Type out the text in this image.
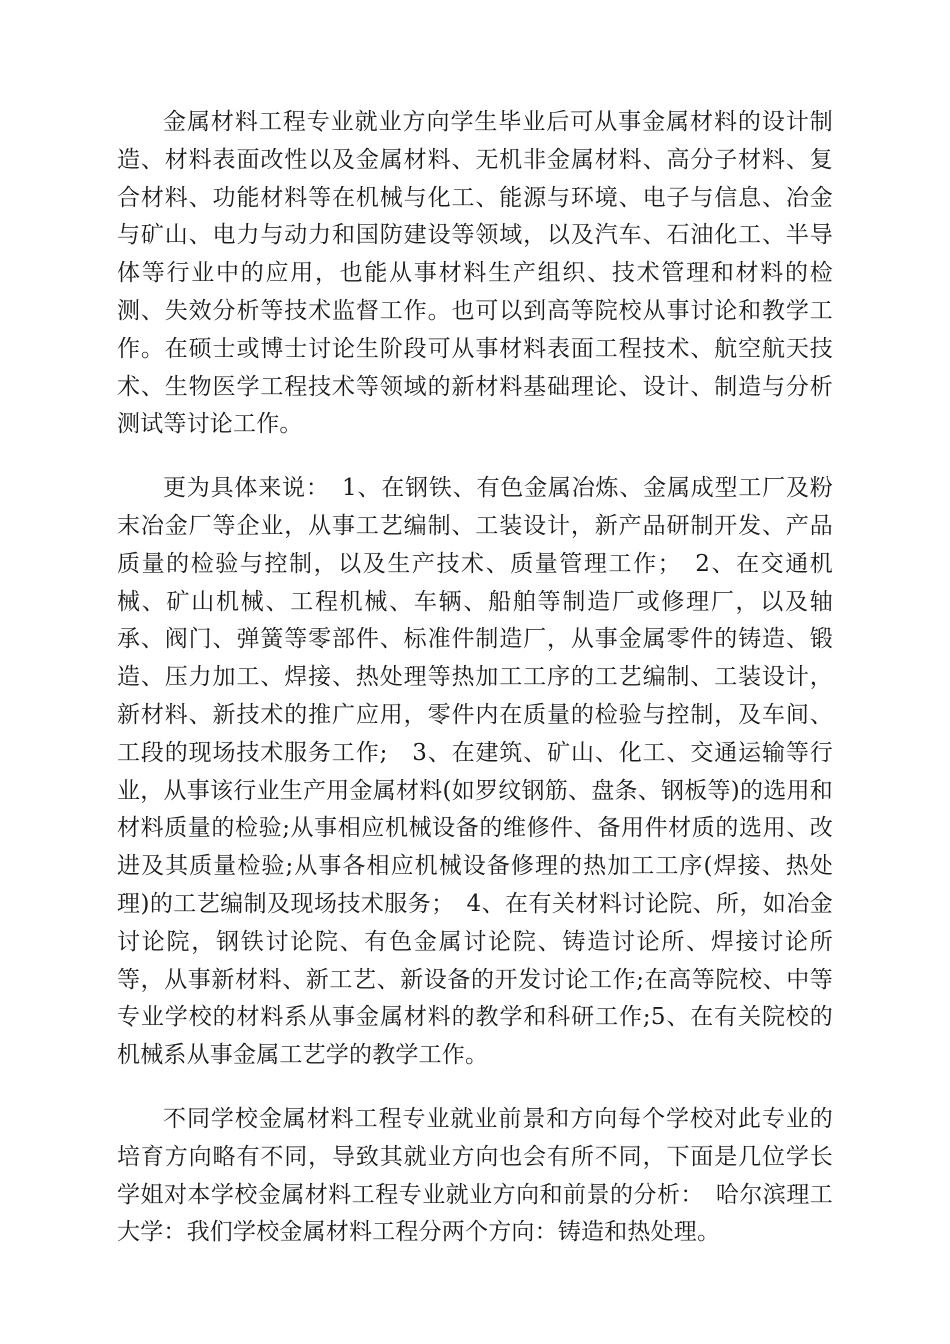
金属材料工程专业就业方向学生毕业后可从事金属材料的设计制造、材料表面改性以及金属材料、无机非金属材料、高分子材料、复合材料、功能材料等在机械与化工、能源与环境、电子与信息、冶金与矿山、电力与动力和国防建设等领域，以及汽车、石油化工、半导体等行业中的应用，也能从事材料生产组织、技术管理和材料的检测、失效分析等技术监督工作。也可以到高等院校从事讨论和教学工作。在硕士或博士讨论生阶段可从事材料表面工程技术、航空航天技术、生物医学工程技术等领域的新材料基础理论、设计、制造与分析测试等讨论工作。

更为具体来说：　1、在钢铁、有色金属冶炼、金属成型工厂及粉末冶金厂等企业，从事工艺编制、工装设计，新产品研制开发、产品质量的检验与控制，以及生产技术、质量管理工作；　2、在交通机械、矿山机械、工程机械、车辆、船舶等制造厂或修理厂，以及轴承、阀门、弹簧等零部件、标准件制造厂，从事金属零件的铸造、锻造、压力加工、焊接、热处理等热加工工序的工艺编制、工装设计，新材料、新技术的推广应用，零件内在质量的检验与控制，及车间、工段的现场技术服务工作;　3、在建筑、矿山、化工、交通运输等行业，从事该行业生产用金属材料(如罗纹钢筋、盘条、钢板等)的选用和材料质量的检验;从事相应机械设备的维修件、备用件材质的选用、改进及其质量检验;从事各相应机械设备修理的热加工工序(焊接、热处理)的工艺编制及现场技术服务；　4、在有关材料讨论院、所，如冶金讨论院，钢铁讨论院、有色金属讨论院、铸造讨论所、焊接讨论所等，从事新材料、新工艺、新设备的开发讨论工作;在高等院校、中等专业学校的材料系从事金属材料的教学和科研工作;5、在有关院校的机械系从事金属工艺学的教学工作。

不同学校金属材料工程专业就业前景和方向每个学校对此专业的培育方向略有不同，导致其就业方向也会有所不同，下面是几位学长学姐对本学校金属材料工程专业就业方向和前景的分析：　哈尔滨理工大学：我们学校金属材料工程分两个方向：铸造和热处理。
